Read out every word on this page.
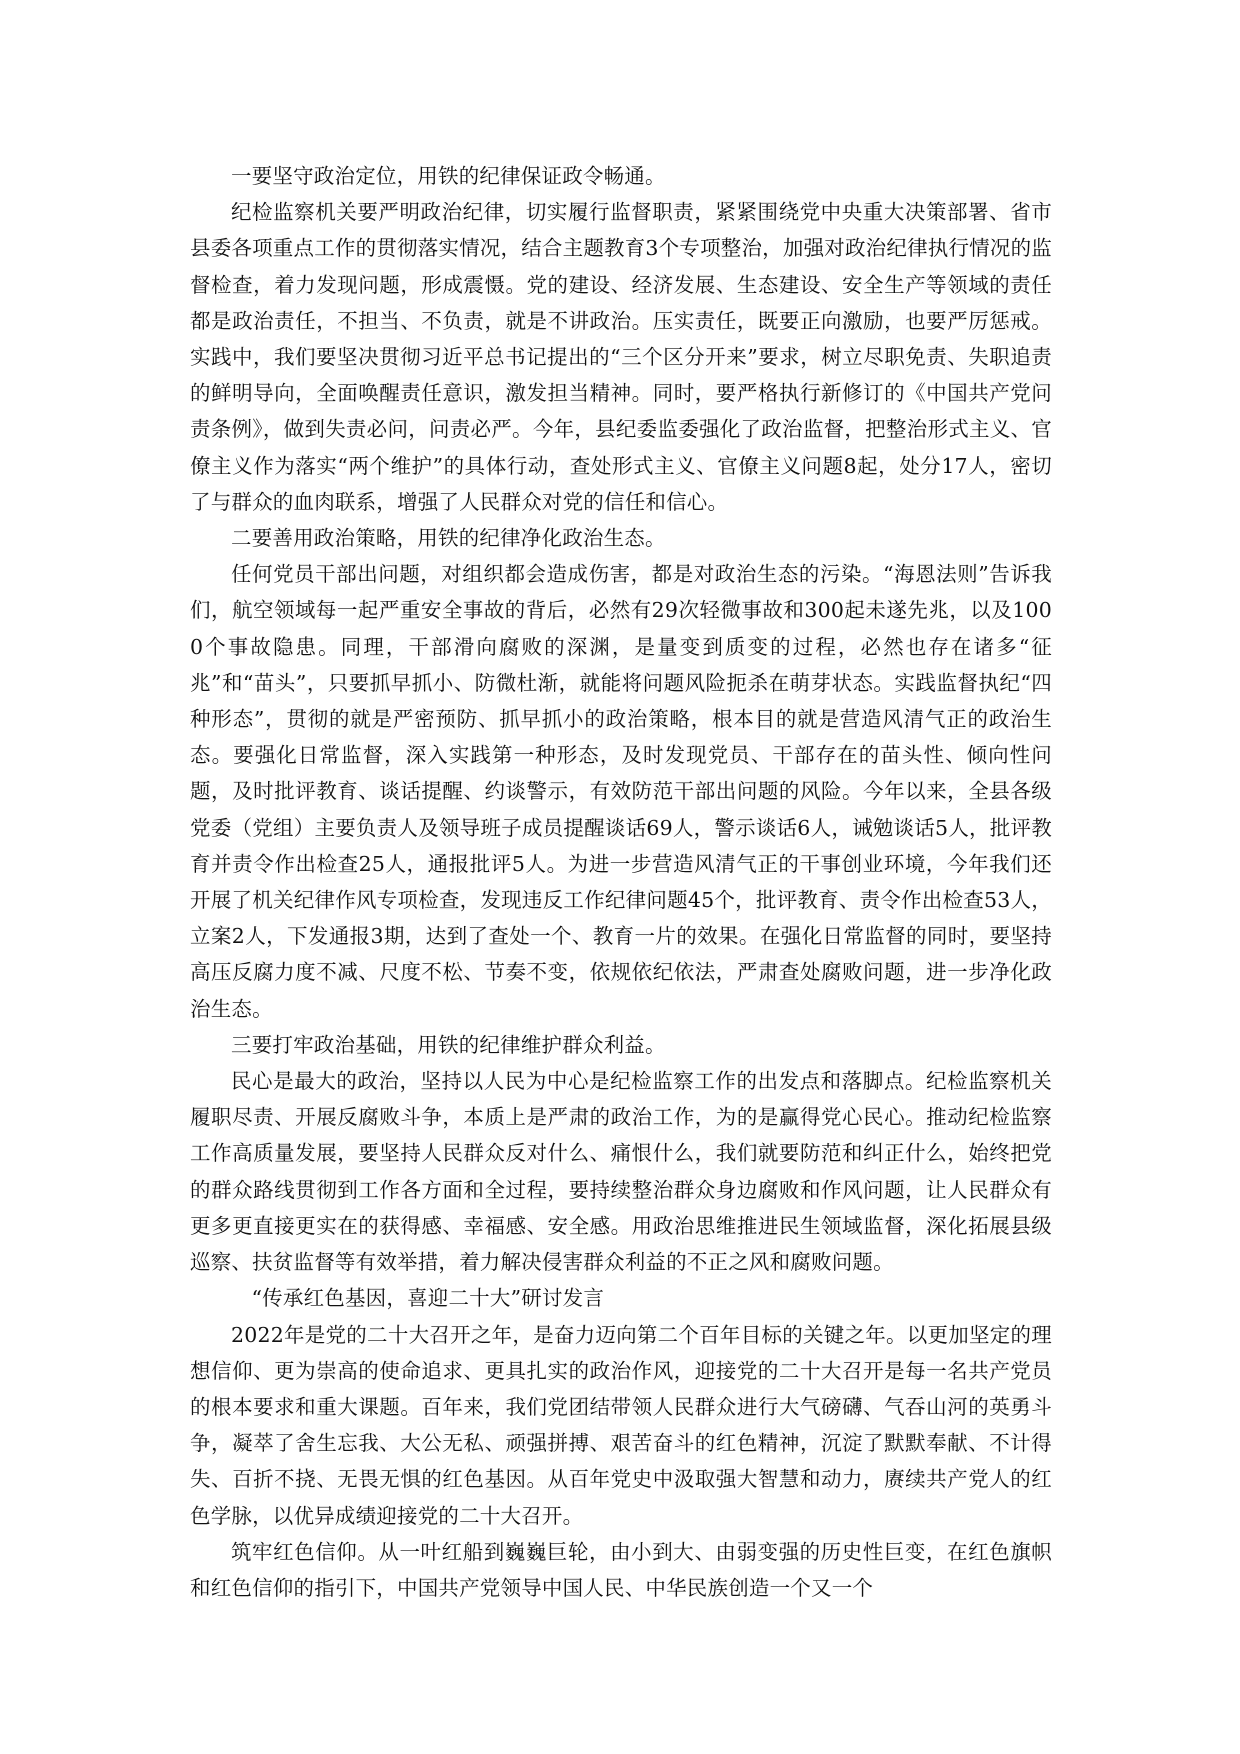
一要坚守政治定位，用铁的纪律保证政令畅通。

纪检监察机关要严明政治纪律，切实履行监督职责，紧紧围绕党中央重大决策部署、省市县委各项重点工作的贯彻落实情况，结合主题教育3个专项整治，加强对政治纪律执行情况的监督检查，着力发现问题，形成震慑。党的建设、经济发展、生态建设、安全生产等领域的责任都是政治责任，不担当、不负责，就是不讲政治。压实责任，既要正向激励，也要严厉惩戒。实践中，我们要坚决贯彻习近平总书记提出的“三个区分开来”要求，树立尽职免责、失职追责的鲜明导向，全面唤醒责任意识，激发担当精神。同时，要严格执行新修订的《中国共产党问责条例》，做到失责必问，问责必严。今年，县纪委监委强化了政治监督，把整治形式主义、官僚主义作为落实“两个维护”的具体行动，查处形式主义、官僚主义问题8起，处分17人，密切了与群众的血肉联系，增强了人民群众对党的信任和信心。

二要善用政治策略，用铁的纪律净化政治生态。

任何党员干部出问题，对组织都会造成伤害，都是对政治生态的污染。“海恩法则”告诉我们，航空领域每一起严重安全事故的背后，必然有29次轻微事故和300起未遂先兆，以及1000个事故隐患。同理，干部滑向腐败的深渊，是量变到质变的过程，必然也存在诸多“征兆”和“苗头”，只要抓早抓小、防微杜渐，就能将问题风险扼杀在萌芽状态。实践监督执纪“四种形态”，贯彻的就是严密预防、抓早抓小的政治策略，根本目的就是营造风清气正的政治生态。要强化日常监督，深入实践第一种形态，及时发现党员、干部存在的苗头性、倾向性问题，及时批评教育、谈话提醒、约谈警示，有效防范干部出问题的风险。今年以来，全县各级党委（党组）主要负责人及领导班子成员提醒谈话69人，警示谈话6人，诫勉谈话5人，批评教育并责令作出检查25人，通报批评5人。为进一步营造风清气正的干事创业环境，今年我们还开展了机关纪律作风专项检查，发现违反工作纪律问题45个，批评教育、责令作出检查53人，立案2人，下发通报3期，达到了查处一个、教育一片的效果。在强化日常监督的同时，要坚持高压反腐力度不减、尺度不松、节奏不变，依规依纪依法，严肃查处腐败问题，进一步净化政治生态。

三要打牢政治基础，用铁的纪律维护群众利益。

民心是最大的政治，坚持以人民为中心是纪检监察工作的出发点和落脚点。纪检监察机关履职尽责、开展反腐败斗争，本质上是严肃的政治工作，为的是赢得党心民心。推动纪检监察工作高质量发展，要坚持人民群众反对什么、痛恨什么，我们就要防范和纠正什么，始终把党的群众路线贯彻到工作各方面和全过程，要持续整治群众身边腐败和作风问题，让人民群众有更多更直接更实在的获得感、幸福感、安全感。用政治思维推进民生领域监督，深化拓展县级巡察、扶贫监督等有效举措，着力解决侵害群众利益的不正之风和腐败问题。

“传承红色基因，喜迎二十大”研讨发言

2022年是党的二十大召开之年，是奋力迈向第二个百年目标的关键之年。以更加坚定的理想信仰、更为崇高的使命追求、更具扎实的政治作风，迎接党的二十大召开是每一名共产党员的根本要求和重大课题。百年来，我们党团结带领人民群众进行大气磅礴、气吞山河的英勇斗争，凝萃了舍生忘我、大公无私、顽强拼搏、艰苦奋斗的红色精神，沉淀了默默奉献、不计得失、百折不挠、无畏无惧的红色基因。从百年党史中汲取强大智慧和动力，赓续共产党人的红色学脉，以优异成绩迎接党的二十大召开。

筑牢红色信仰。从一叶红船到巍巍巨轮，由小到大、由弱变强的历史性巨变，在红色旗帜和红色信仰的指引下，中国共产党领导中国人民、中华民族创造一个又一个
